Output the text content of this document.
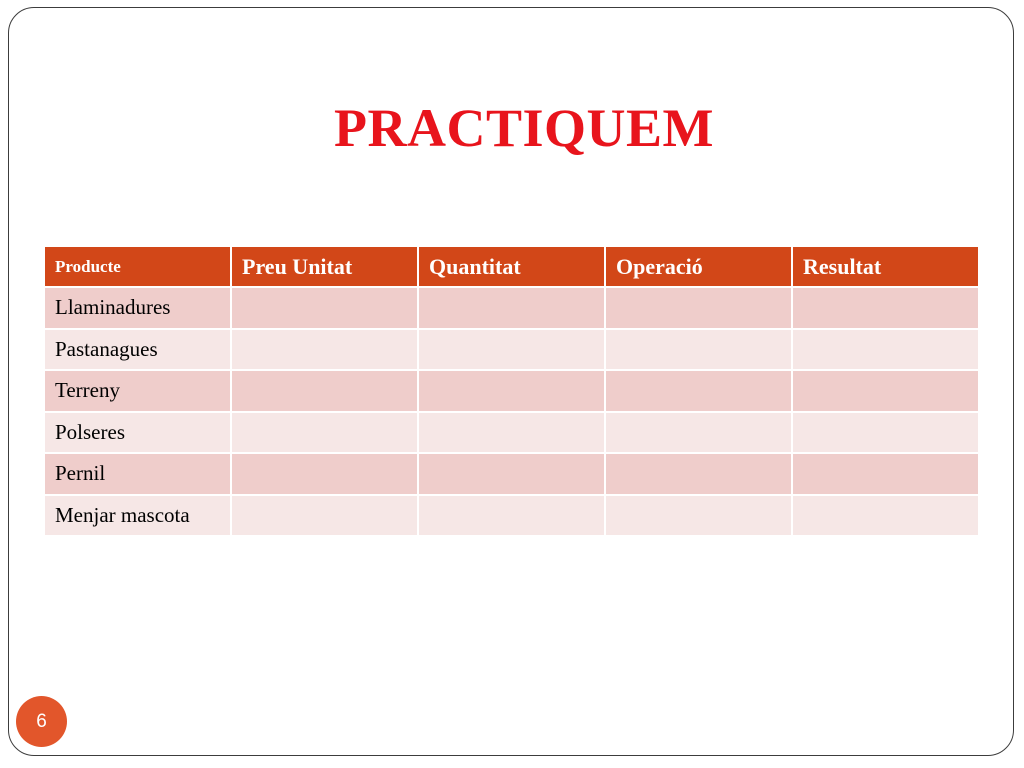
PRACTIQUEM
Producte	Preu Unitat	Quantitat	Operació	Resultat
Llaminadures				
Pastanagues				
Terreny				
Polseres				
Pernil				
Menjar mascota				
6
